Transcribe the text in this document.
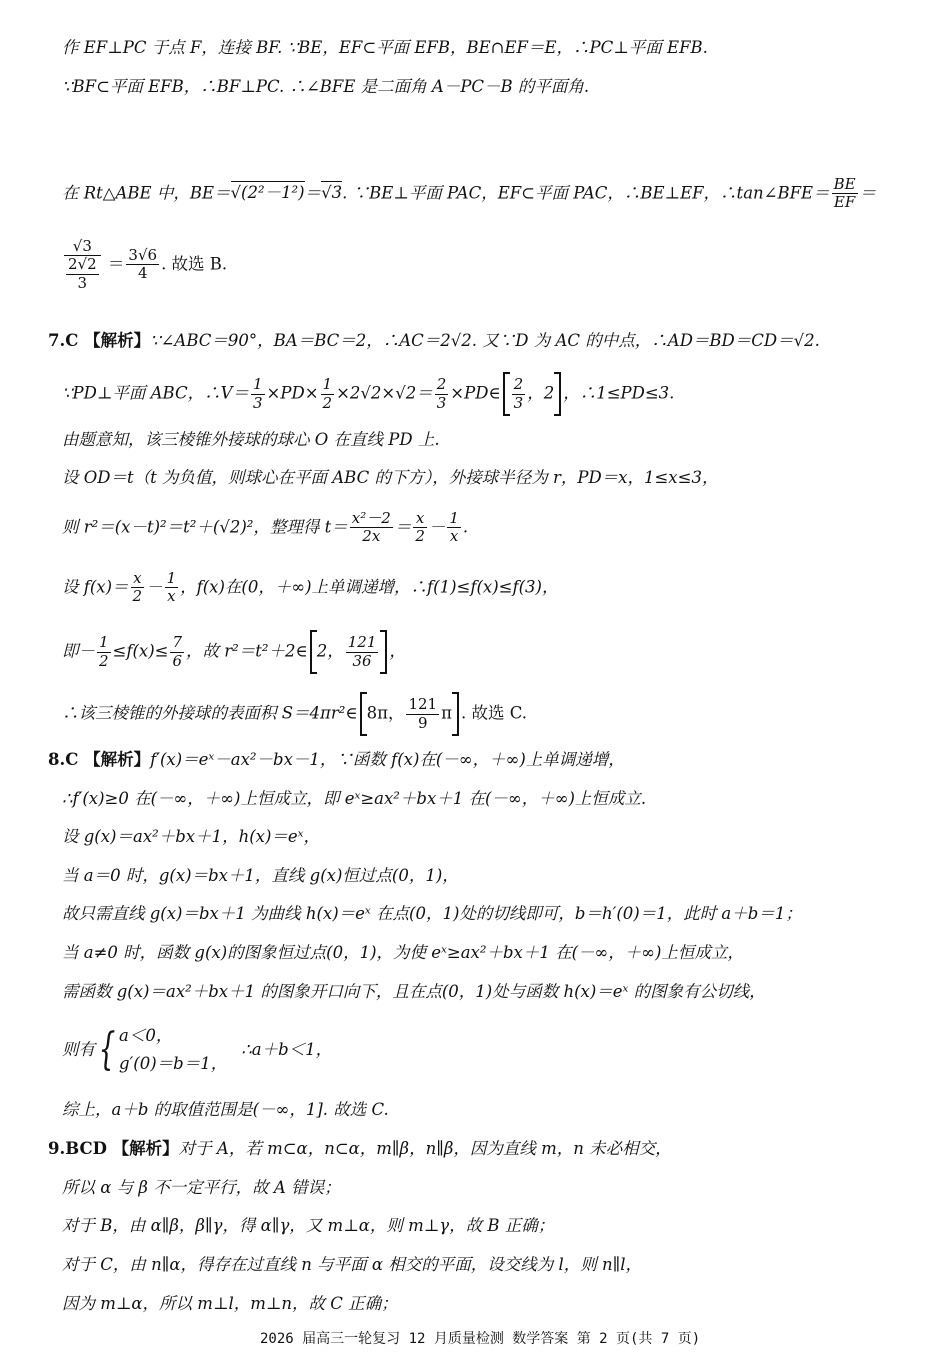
作 EF⊥PC 于点 F，连接 BF. ∵BE，EF⊂平面 EFB，BE∩EF＝E，∴PC⊥平面 EFB.
∵BF⊂平面 EFB，∴BF⊥PC. ∴∠BFE 是二面角 A－PC－B 的平面角.
在 Rt△ABE 中，BE＝√(2²－1²)＝√3. ∵BE⊥平面 PAC，EF⊂平面 PAC，∴BE⊥EF，∴tan∠BFE＝ $\frac{BE}{EF}$ ＝
$\frac{√3}{\frac{2√2}{3}} = \frac{3√6}{4}$ . 故选 B.
7.C 【解析】∵∠ABC＝90°，BA＝BC＝2，∴AC＝2√2. 又∵D 为 AC 的中点，∴AD＝BD＝CD＝√2.
∵PD⊥平面 ABC，∴V＝ $\frac{1}{3} \times PD\times \frac{1}{2} \times 2√2\times√2= \frac{2}{3}$ ×PD∈ $\frac{2}{3}$ ，2 ，∴1≤PD≤3.
由题意知，该三棱锥外接球的球心 O 在直线 PD 上.
设 OD＝t（t 为负值，则球心在平面 ABC 的下方），外接球半径为 r，PD＝x，1≤x≤3，
则 r²＝(x－t)²＝t²＋(√2)²，整理得 $t= \frac{\text{x²－2}}{2x} = \frac{x}{2} - \frac{1}{x}$ .
设 $f(x)= \frac{x}{2} - \frac{1}{x}$ ，f(x)在(0，＋∞)上单调递增，∴f(1)≤f(x)≤f(3)，
即－ $\frac{1}{2} \le f(x)\le \frac{7}{6}$ ，故 r²＝t²＋2∈ 2， $\frac{121}{36}$ ，
∴该三棱锥的外接球的表面积 S＝4πr²∈ 8π， $\frac{121}{9}$ π . 故选 C.
8.C 【解析】f′(x)＝eˣ－ax²－bx－1，∵函数 f(x)在(－∞，＋∞)上单调递增，
∴f′(x)≥0 在(－∞，＋∞)上恒成立，即 eˣ≥ax²＋bx＋1 在(－∞，＋∞)上恒成立.
设 g(x)＝ax²＋bx＋1，h(x)＝eˣ，
当 a＝0 时，g(x)＝bx＋1，直线 g(x)恒过点(0，1)，
故只需直线 g(x)＝bx＋1 为曲线 h(x)＝eˣ 在点(0，1)处的切线即可，b＝h′(0)＝1，此时 a＋b＝1；
当 a≠0 时，函数 g(x)的图象恒过点(0，1)，为使 eˣ≥ax²＋bx＋1 在(－∞，＋∞)上恒成立，
需函数 g(x)＝ax²＋bx＋1 的图象开口向下，且在点(0，1)处与函数 h(x)＝eˣ 的图象有公切线，
则有{ a＜0，
g′(0)＝b＝1，
∴a＋b＜1，
综上，a＋b 的取值范围是(－∞，1]. 故选 C.
9.BCD 【解析】对于 A，若 m⊂α，n⊂α，m∥β，n∥β，因为直线 m，n 未必相交，
所以 α 与 β 不一定平行，故 A 错误；
对于 B，由 α∥β，β∥γ，得 α∥γ，又 m⊥α，则 m⊥γ，故 B 正确；
对于 C，由 n∥α，得存在过直线 n 与平面 α 相交的平面，设交线为 l，则 n∥l，
因为 m⊥α，所以 m⊥l，m⊥n，故 C 正确；
2026 届高三一轮复习 12 月质量检测 数学答案 第 2 页(共 7 页)
